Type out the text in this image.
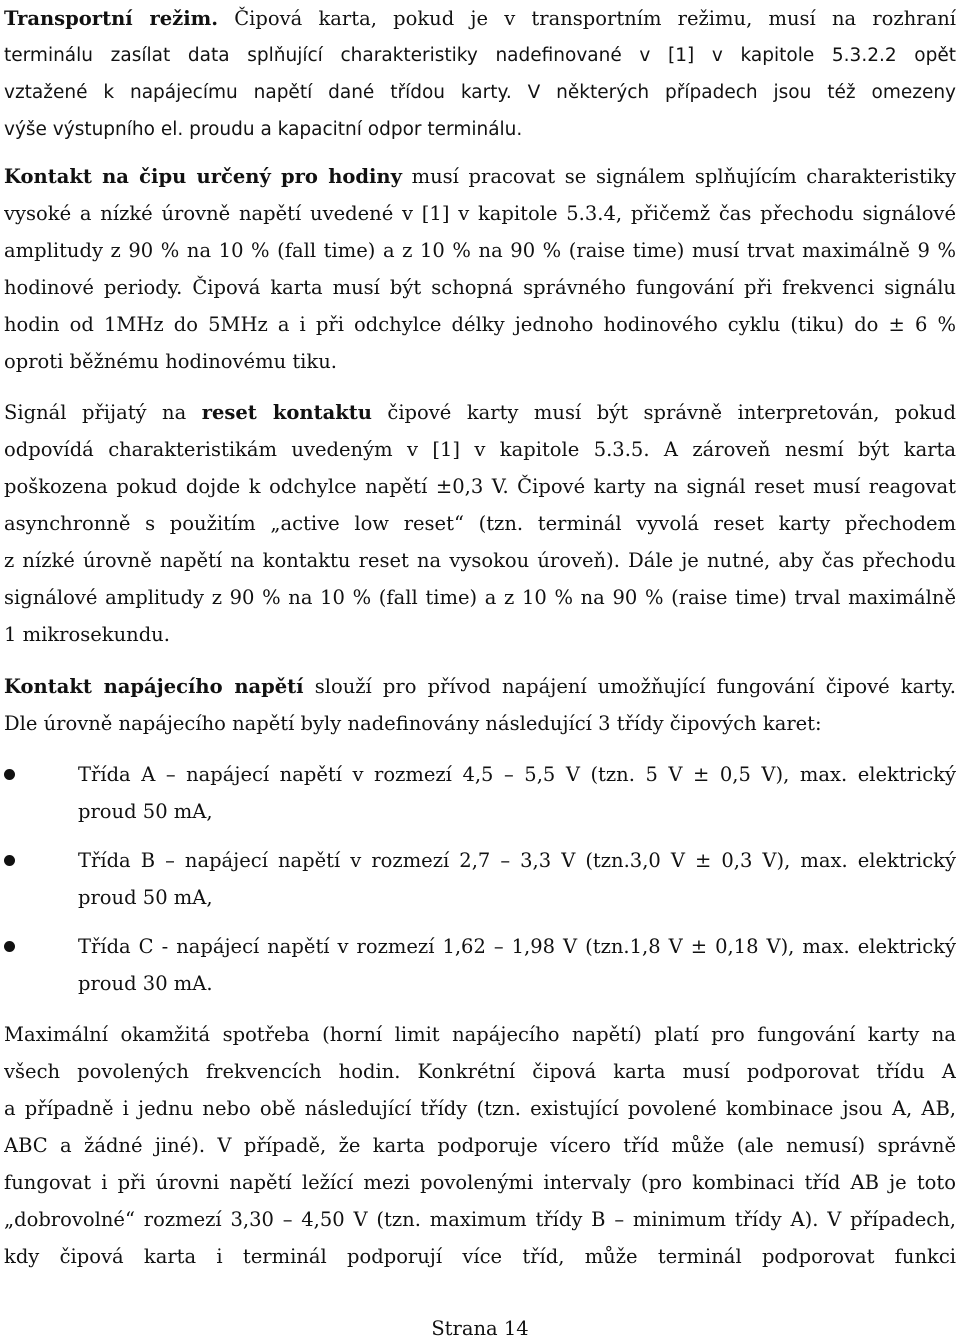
Transportní režim. Čipová karta, pokud je v transportním režimu, musí na rozhraní
terminálu zasílat data splňující charakteristiky nadefinované v [1] v kapitole 5.3.2.2 opět
vztažené k napájecímu napětí dané třídou karty. V některých případech jsou též omezeny
výše výstupního el. proudu a kapacitní odpor terminálu.
Kontakt na čipu určený pro hodiny musí pracovat se signálem splňujícím charakteristiky
vysoké a nízké úrovně napětí uvedené v [1] v kapitole 5.3.4, přičemž čas přechodu signálové
amplitudy z 90 % na 10 % (fall time) a z 10 % na 90 % (raise time) musí trvat maximálně 9 %
hodinové periody. Čipová karta musí být schopná správného fungování při frekvenci signálu
hodin od 1MHz do 5MHz a i při odchylce délky jednoho hodinového cyklu (tiku) do ± 6 %
oproti běžnému hodinovému tiku.
Signál přijatý na reset kontaktu čipové karty musí být správně interpretován, pokud
odpovídá charakteristikám uvedeným v [1] v kapitole 5.3.5. A zároveň nesmí být karta
poškozena pokud dojde k odchylce napětí ±0,3 V. Čipové karty na signál reset musí reagovat
asynchronně s použitím „active low reset“ (tzn. terminál vyvolá reset karty přechodem
z nízké úrovně napětí na kontaktu reset na vysokou úroveň). Dále je nutné, aby čas přechodu
signálové amplitudy z 90 % na 10 % (fall time) a z 10 % na 90 % (raise time) trval maximálně
1 mikrosekundu.
Kontakt napájecího napětí slouží pro přívod napájení umožňující fungování čipové karty.
Dle úrovně napájecího napětí byly nadefinovány následující 3 třídy čipových karet:
Třída A – napájecí napětí v rozmezí 4,5 – 5,5 V (tzn. 5 V ± 0,5 V), max. elektrický
proud 50 mA,
Třída B – napájecí napětí v rozmezí 2,7 – 3,3 V (tzn.3,0 V ± 0,3 V), max. elektrický
proud 50 mA,
Třída C - napájecí napětí v rozmezí 1,62 – 1,98 V (tzn.1,8 V ± 0,18 V), max. elektrický
proud 30 mA.
Maximální okamžitá spotřeba (horní limit napájecího napětí) platí pro fungování karty na
všech povolených frekvencích hodin. Konkrétní čipová karta musí podporovat třídu A
a případně i jednu nebo obě následující třídy (tzn. existující povolené kombinace jsou A, AB,
ABC a žádné jiné). V případě, že karta podporuje vícero tříd může (ale nemusí) správně
fungovat i při úrovni napětí ležící mezi povolenými intervaly (pro kombinaci tříd AB je toto
„dobrovolné“ rozmezí 3,30 – 4,50 V (tzn. maximum třídy B – minimum třídy A). V případech,
kdy čipová karta i terminál podporují více tříd, může terminál podporovat funkci
Strana 14
